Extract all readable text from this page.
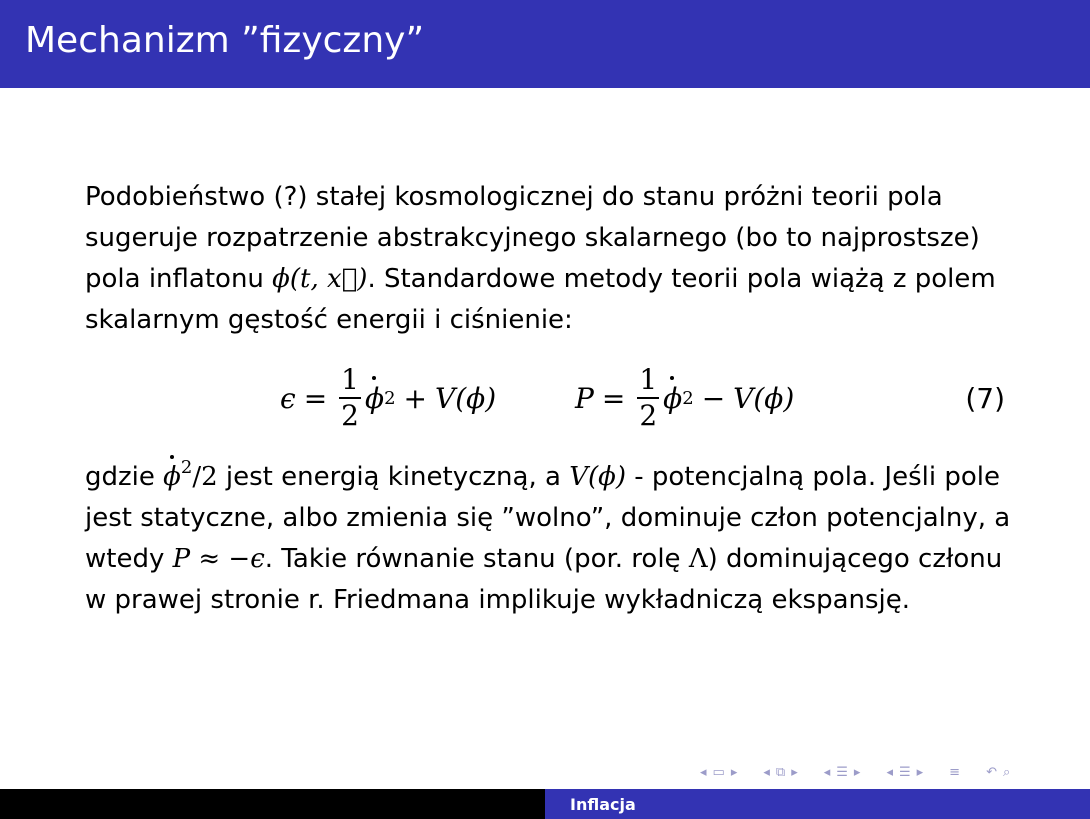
Mechanizm ”fizyczny”

Podobieństwo (?) stałej kosmologicznej do stanu próżni teorii pola sugeruje rozpatrzenie abstrakcyjnego skalarnego (bo to najprostsze) pola inflatonu ϕ(t, x⃗). Standardowe metody teorii pola wiążą z polem skalarnym gęstość energii i ciśnienie:

$\epsilon = \frac{1}{2}$ ϕ 2 + V(ϕ)	$P = \frac{1}{2}$ ϕ 2 − V(ϕ)	(7)

gdzie $\phi^2/2$ jest energią kinetyczną, a V(ϕ) - potencjalną pola. Jeśli pole jest statyczne, albo zmienia się ”wolno”, dominuje człon potencjalny, a wtedy P ≈ −ϵ. Takie równanie stanu (por. rolę Λ) dominującego członu w prawej stronie r. Friedmana implikuje wykładniczą ekspansję.

◂ ▭ ▸ ◂ ⧉ ▸ ◂ ☰ ▸ ◂ ☰ ▸ ≡ ↶ ⌕
Inflacja
